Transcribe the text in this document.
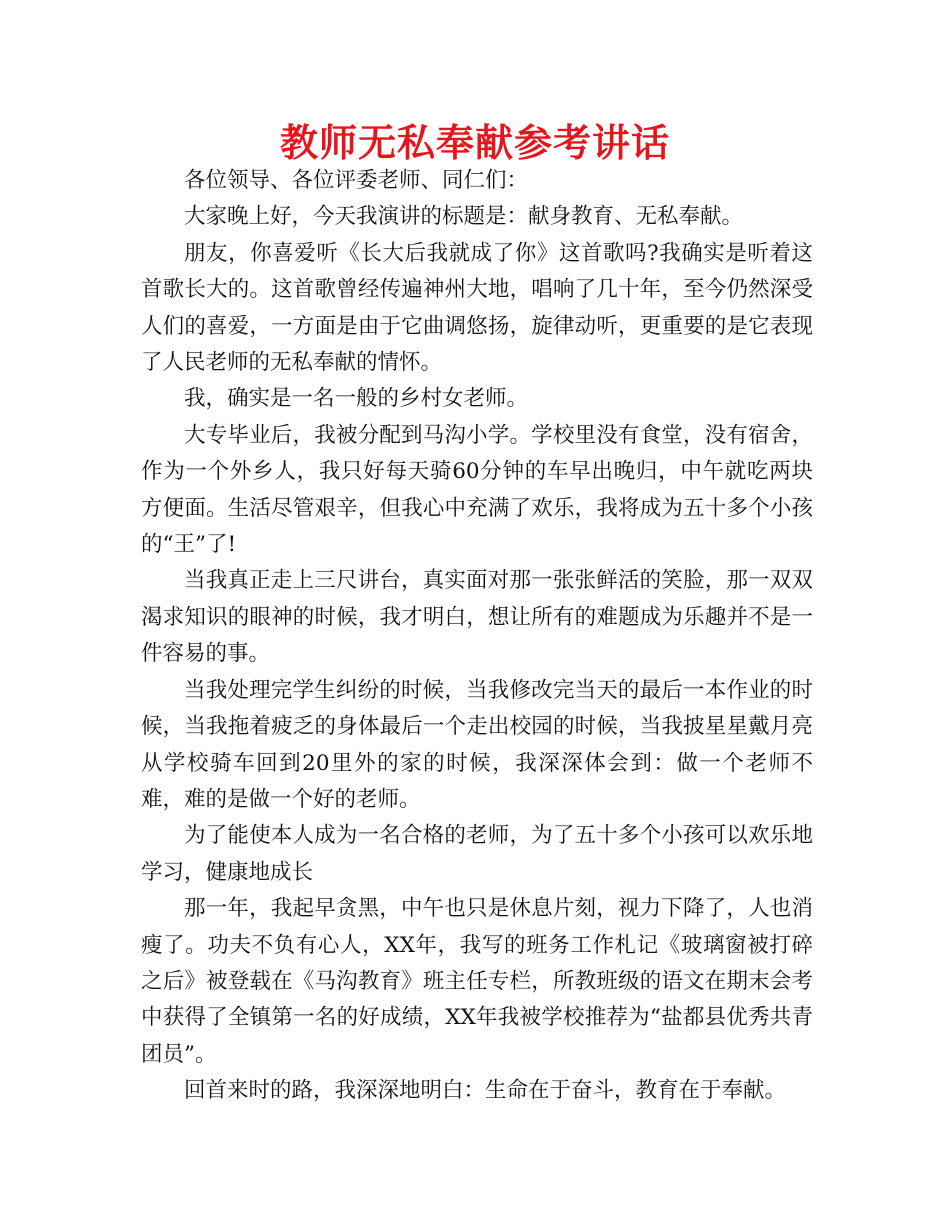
教师无私奉献参考讲话

各位领导、各位评委老师、同仁们：

大家晚上好，今天我演讲的标题是：献身教育、无私奉献。

朋友，你喜爱听《长大后我就成了你》这首歌吗?我确实是听着这首歌长大的。这首歌曾经传遍神州大地，唱响了几十年，至今仍然深受人们的喜爱，一方面是由于它曲调悠扬，旋律动听，更重要的是它表现了人民老师的无私奉献的情怀。

我，确实是一名一般的乡村女老师。

大专毕业后，我被分配到马沟小学。学校里没有食堂，没有宿舍，作为一个外乡人，我只好每天骑60分钟的车早出晚归，中午就吃两块方便面。生活尽管艰辛，但我心中充满了欢乐，我将成为五十多个小孩的“王”了!

当我真正走上三尺讲台，真实面对那一张张鲜活的笑脸，那一双双渴求知识的眼神的时候，我才明白，想让所有的难题成为乐趣并不是一件容易的事。

当我处理完学生纠纷的时候，当我修改完当天的最后一本作业的时候，当我拖着疲乏的身体最后一个走出校园的时候，当我披星星戴月亮从学校骑车回到20里外的家的时候，我深深体会到：做一个老师不难，难的是做一个好的老师。

为了能使本人成为一名合格的老师，为了五十多个小孩可以欢乐地学习，健康地成长

那一年，我起早贪黑，中午也只是休息片刻，视力下降了，人也消瘦了。功夫不负有心人，XX年，我写的班务工作札记《玻璃窗被打碎之后》被登载在《马沟教育》班主任专栏，所教班级的语文在期末会考中获得了全镇第一名的好成绩，XX年我被学校推荐为“盐都县优秀共青团员”。

回首来时的路，我深深地明白：生命在于奋斗，教育在于奉献。
